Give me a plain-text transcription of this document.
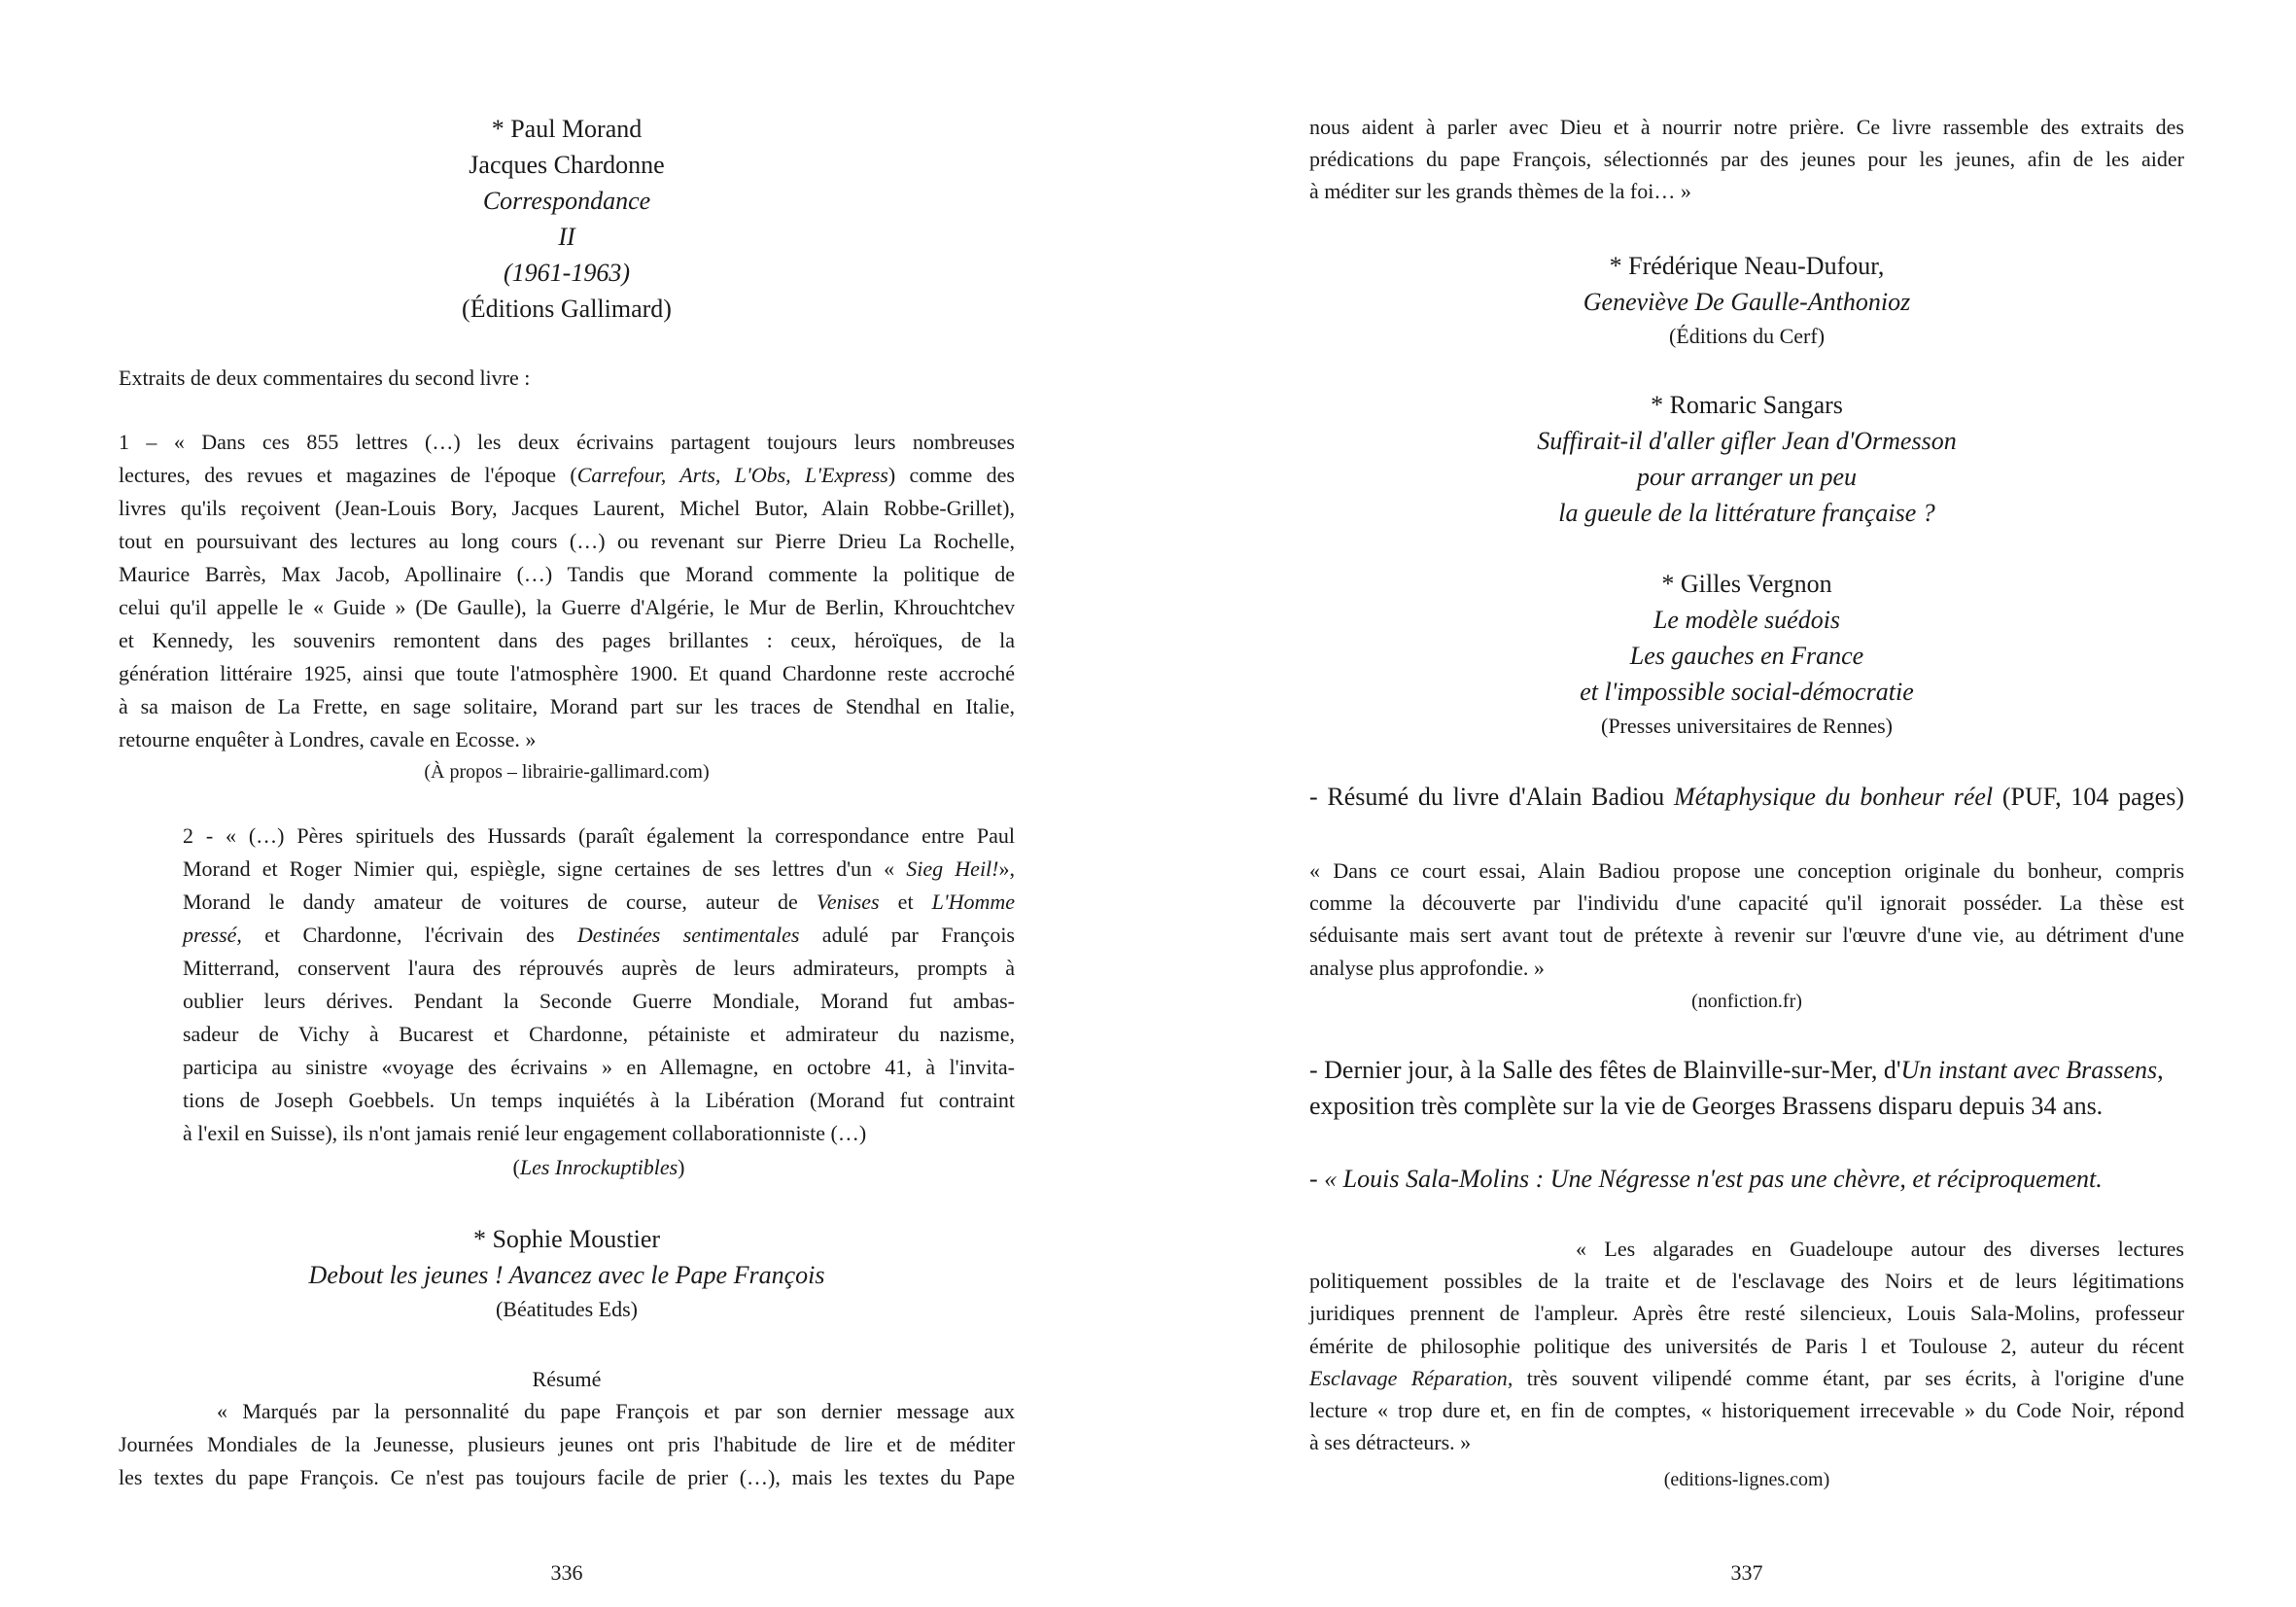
* Paul Morand
Jacques Chardonne
Correspondance
II
(1961-1963)
(Éditions Gallimard)
Extraits de deux commentaires du second livre :
1 – « Dans ces 855 lettres (…) les deux écrivains partagent toujours leurs nombreuses
lectures, des revues et magazines de l'époque (Carrefour, Arts, L'Obs, L'Express) comme des
livres qu'ils reçoivent (Jean-Louis Bory, Jacques Laurent, Michel Butor, Alain Robbe-Grillet),
tout en poursuivant des lectures au long cours (…) ou revenant sur Pierre Drieu La Rochelle,
Maurice Barrès, Max Jacob, Apollinaire (…) Tandis que Morand commente la politique de
celui qu'il appelle le « Guide » (De Gaulle), la Guerre d'Algérie, le Mur de Berlin, Khrouchtchev
et Kennedy, les souvenirs remontent dans des pages brillantes : ceux, héroïques, de la
génération littéraire 1925, ainsi que toute l'atmosphère 1900. Et quand Chardonne reste accroché
à sa maison de La Frette, en sage solitaire, Morand part sur les traces de Stendhal en Italie,
retourne enquêter à Londres, cavale en Ecosse. »
(À propos – librairie-gallimard.com)
2 - « (…) Pères spirituels des Hussards (paraît également la correspondance entre Paul
Morand et Roger Nimier qui, espiègle, signe certaines de ses lettres d'un « Sieg Heil!»,
Morand le dandy amateur de voitures de course, auteur de Venises et L'Homme
pressé, et Chardonne, l'écrivain des Destinées sentimentales adulé par François
Mitterrand, conservent l'aura des réprouvés auprès de leurs admirateurs, prompts à
oublier leurs dérives. Pendant la Seconde Guerre Mondiale, Morand fut ambas-
sadeur de Vichy à Bucarest et Chardonne, pétainiste et admirateur du nazisme,
participa au sinistre «voyage des écrivains » en Allemagne, en octobre 41, à l'invita-
tions de Joseph Goebbels. Un temps inquiétés à la Libération (Morand fut contraint
à l'exil en Suisse), ils n'ont jamais renié leur engagement collaborationniste (…)
(Les Inrockuptibles)
* Sophie Moustier
Debout les jeunes ! Avancez avec le Pape François
(Béatitudes Eds)
Résumé
« Marqués par la personnalité du pape François et par son dernier message aux
Journées Mondiales de la Jeunesse, plusieurs jeunes ont pris l'habitude de lire et de méditer
les textes du pape François. Ce n'est pas toujours facile de prier (…), mais les textes du Pape
336
nous aident à parler avec Dieu et à nourrir notre prière. Ce livre rassemble des extraits des
prédications du pape François, sélectionnés par des jeunes pour les jeunes, afin de les aider
à méditer sur les grands thèmes de la foi… »
* Frédérique Neau-Dufour,
Geneviève De Gaulle-Anthonioz
(Éditions du Cerf)
* Romaric Sangars
Suffirait-il d'aller gifler Jean d'Ormesson
pour arranger un peu
la gueule de la littérature française ?
* Gilles Vergnon
Le modèle suédois
Les gauches en France
et l'impossible social-démocratie
(Presses universitaires de Rennes)
- Résumé du livre d'Alain Badiou Métaphysique du bonheur réel (PUF, 104 pages)
« Dans ce court essai, Alain Badiou propose une conception originale du bonheur, compris
comme la découverte par l'individu d'une capacité qu'il ignorait posséder. La thèse est
séduisante mais sert avant tout de prétexte à revenir sur l'œuvre d'une vie, au détriment d'une
analyse plus approfondie. »
(nonfiction.fr)
- Dernier jour, à la Salle des fêtes de Blainville-sur-Mer, d'Un instant avec Brassens,
exposition très complète sur la vie de Georges Brassens disparu depuis 34 ans.
- « Louis Sala-Molins : Une Négresse n'est pas une chèvre, et réciproquement.
« Les algarades en Guadeloupe autour des diverses lectures
politiquement possibles de la traite et de l'esclavage des Noirs et de leurs légitimations
juridiques prennent de l'ampleur. Après être resté silencieux, Louis Sala-Molins, professeur
émérite de philosophie politique des universités de Paris l et Toulouse 2, auteur du récent
Esclavage Réparation, très souvent vilipendé comme étant, par ses écrits, à l'origine d'une
lecture « trop dure et, en fin de comptes, « historiquement irrecevable » du Code Noir, répond
à ses détracteurs. »
(editions-lignes.com)
337
